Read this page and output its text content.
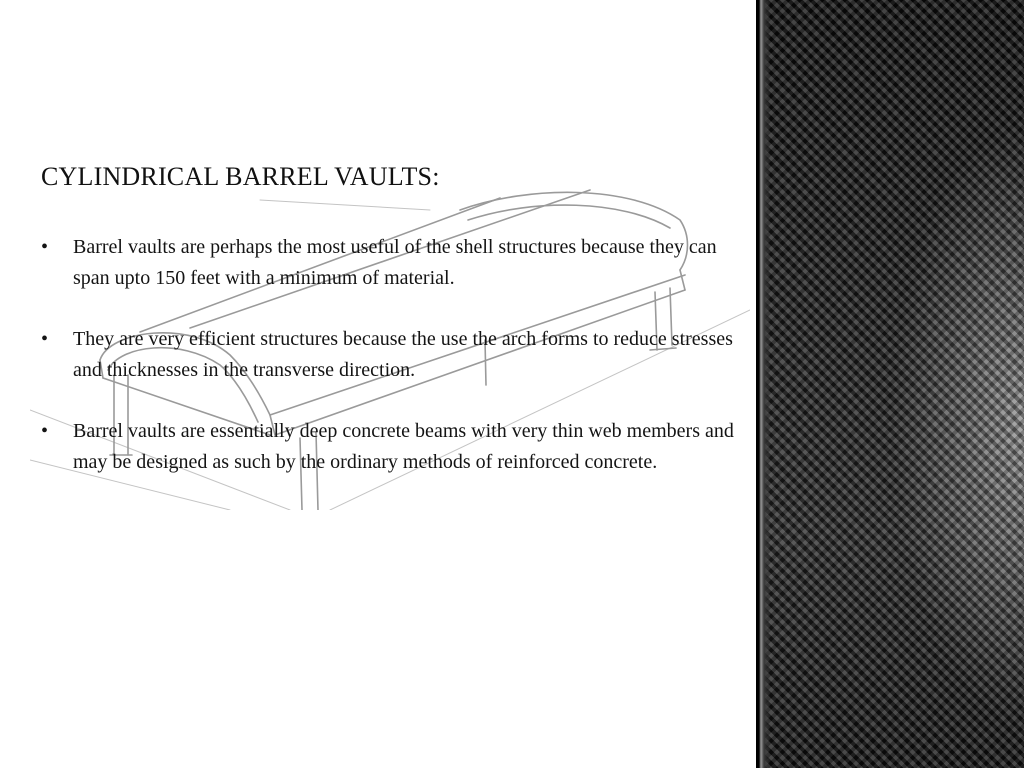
CYLINDRICAL BARREL VAULTS:
• Barrel vaults are perhaps the most useful of the shell structures because they can span upto 150 feet with a minimum of material.
• They are very efficient structures because the use the arch forms to reduce stresses and thicknesses in the transverse direction.
• Barrel vaults are essentially deep concrete beams with very thin web members and may be designed as such by the ordinary methods of reinforced concrete.
